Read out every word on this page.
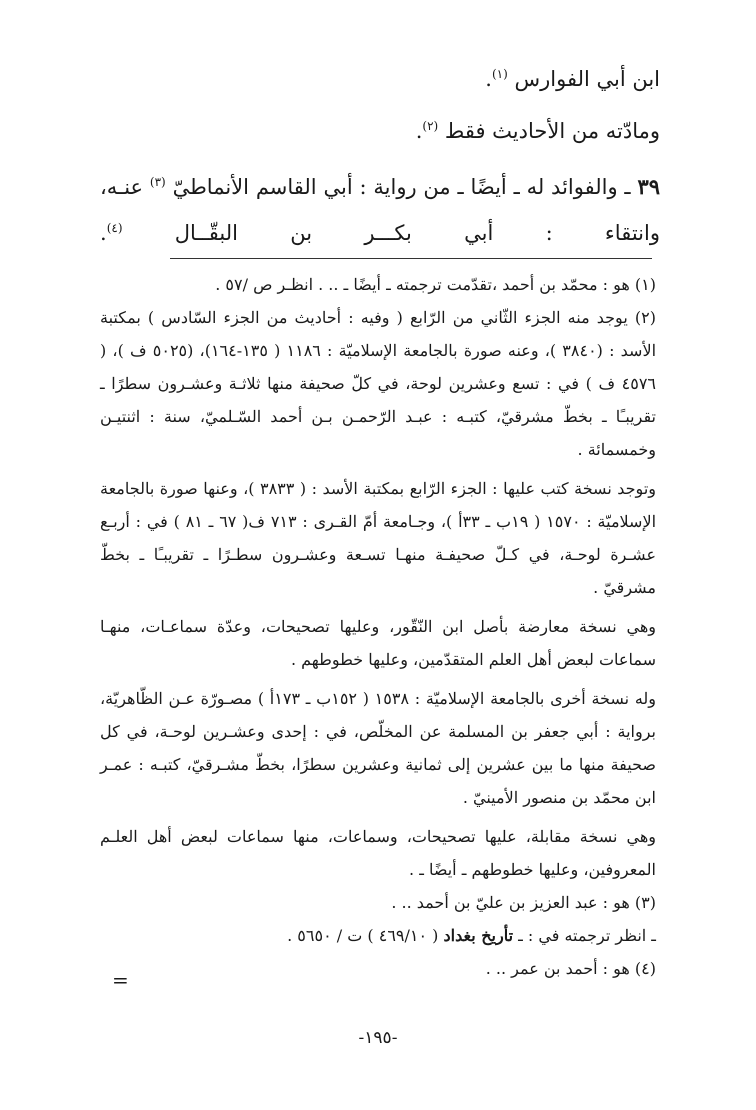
ابن أبي الفوارس $^{(١)}$.

ومادّته من الأحاديث فقط $^{(٢)}$.

٣٩ ـ والفوائد له ـ أيضًا ـ من رواية : أبي القاسم الأنماطيّ $^{(٣)}$ عنـه،
وانتقاء : أبي بكـــر بن البقّــال $^{(٤)}$.

(١) هو : محمّد بن أحمد ،تقدّمت ترجمته ـ أيضًا ـ .. . انظـر ص /٥٧ .

(٢) يوجد منه الجزء الثّاني من الرّابع ( وفيه : أحاديث من الجزء السّادس ) بمكتبة الأسد : (٣٨٤٠ )، وعنه صورة بالجامعة الإسلاميّة : ١١٨٦ ( ١٣٥-١٦٤)، (٥٠٢٥ ف )، ( ٤٥٧٦ ف ) في : تسع وعشرين لوحة، في كلّ صحيفة منها ثلاثـة وعشـرون سطرًا ـ تقريبـًا ـ بخطّ مشرقيّ، كتبـه : عبـد الرّحمـن بـن أحمد السّـلميّ، سنة : اثنتيـن وخمسمائة .

وتوجد نسخة كتب عليها : الجزء الرّابع بمكتبة الأسد : ( ٣٨٣٣ )، وعنها صورة بالجامعة الإسلاميّة : ١٥٧٠ ( ١٩ب ـ ٣٣أ )، وجـامعة أمّ القـرى : ٧١٣ ف( ٦٧ ـ ٨١ ) في : أربـع عشـرة لوحـة، في كـلّ صحيفـة منهـا تسـعة وعشـرون سطـرًا ـ تقريبـًا ـ بخطّ مشرقيّ .

وهي نسخة معارضة بأصل ابن النّقّور، وعليها تصحيحات، وعدّة سماعـات، منهـا سماعات لبعض أهل العلم المتقدّمين، وعليها خطوطهم .

وله نسخة أخرى بالجامعة الإسلاميّة : ١٥٣٨ ( ١٥٢ب ـ ١٧٣أ ) مصـورّة عـن الظّاهريّة، برواية : أبي جعفر بن المسلمة عن المخلّص، في : إحدى وعشـرين لوحـة، في كل صحيفة منها ما بين عشرين إلى ثمانية وعشرين سطرًا، بخطّ مشـرقيّ، كتبـه : عمـر ابن محمّد بن منصور الأمينيّ .

وهي نسخة مقابلة، عليها تصحيحات، وسماعات، منها سماعات لبعض أهل العلـم المعروفين، وعليها خطوطهم ـ أيضًا ـ .

(٣) هو : عبد العزيز بن عليّ بن أحمد .. .

ـ انظر ترجمته في : ـ تأريخ بغداد ( ٤٦٩/١٠ ) ت / ٥٦٥٠ .

(٤) هو : أحمد بن عمر .. .

=
-١٩٥-
